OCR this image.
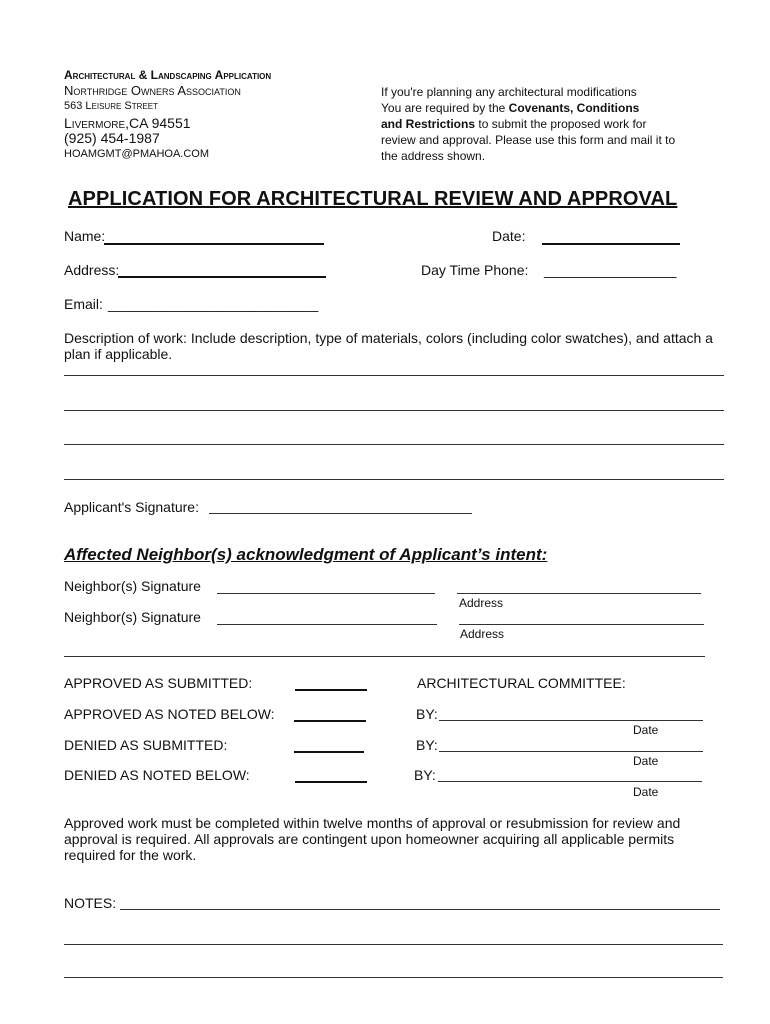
Architectural & Landscaping Application
Northridge Owners Association
563 Leisure Street
Livermore,CA 94551
(925) 454-1987
HOAMGMT@PMAHOA.COM
If you're planning any architectural modifications
You are required by the Covenants, Conditions
and Restrictions to submit the proposed work for
review and approval. Please use this form and mail it to
the address shown.
APPLICATION FOR ARCHITECTURAL REVIEW AND APPROVAL
Name:	Date:
Address:	Day Time Phone: _________________
Email: ___________________________
Description of work: Include description, type of materials, colors (including color swatches), and attach a plan if applicable.
Applicant's Signature:
Affected Neighbor(s) acknowledgment of Applicant’s intent:
Neighbor(s) Signature
Address
Neighbor(s) Signature
Address
APPROVED AS SUBMITTED:	ARCHITECTURAL COMMITTEE:
APPROVED AS NOTED BELOW:	BY:
Date
DENIED AS SUBMITTED:	BY:
Date
DENIED AS NOTED BELOW:	BY:
Date
Approved work must be completed within twelve months of approval or resubmission for review and approval is required. All approvals are contingent upon homeowner acquiring all applicable permits required for the work.
NOTES:
